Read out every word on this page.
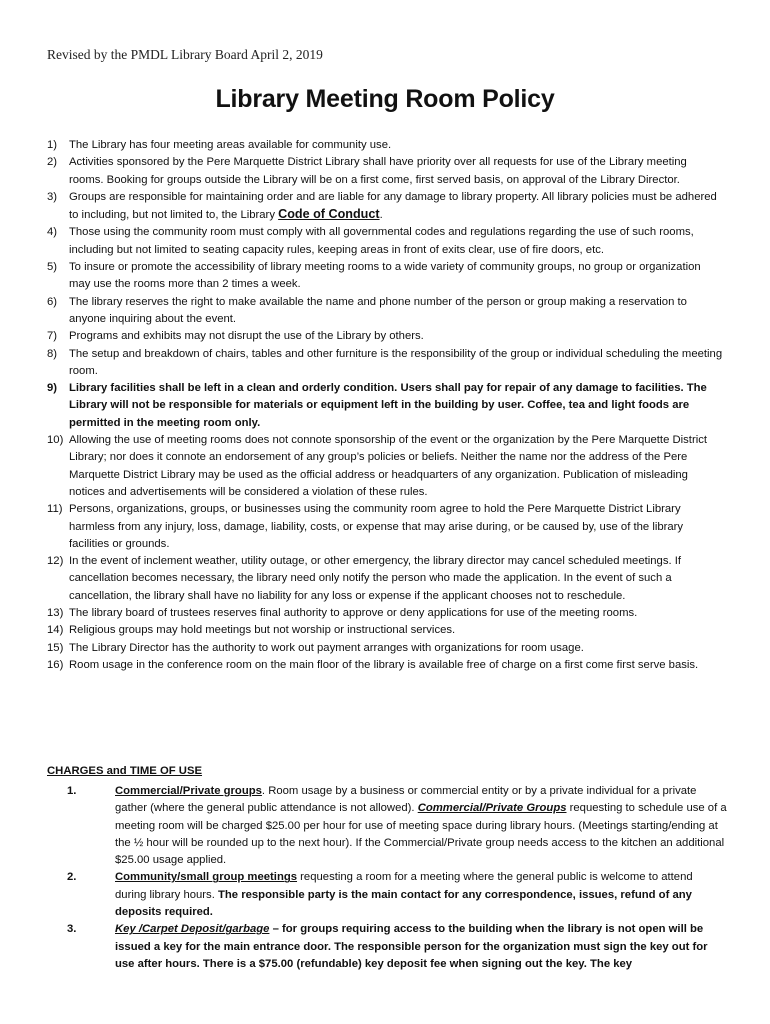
Revised by the PMDL Library Board April 2, 2019
Library Meeting Room Policy
1) The Library has four meeting areas available for community use.
2) Activities sponsored by the Pere Marquette District Library shall have priority over all requests for use of the Library meeting rooms. Booking for groups outside the Library will be on a first come, first served basis, on approval of the Library Director.
3) Groups are responsible for maintaining order and are liable for any damage to library property. All library policies must be adhered to including, but not limited to, the Library Code of Conduct.
4) Those using the community room must comply with all governmental codes and regulations regarding the use of such rooms, including but not limited to seating capacity rules, keeping areas in front of exits clear, use of fire doors, etc.
5) To insure or promote the accessibility of library meeting rooms to a wide variety of community groups, no group or organization may use the rooms more than 2 times a week.
6) The library reserves the right to make available the name and phone number of the person or group making a reservation to anyone inquiring about the event.
7) Programs and exhibits may not disrupt the use of the Library by others.
8) The setup and breakdown of chairs, tables and other furniture is the responsibility of the group or individual scheduling the meeting room.
9) Library facilities shall be left in a clean and orderly condition. Users shall pay for repair of any damage to facilities. The Library will not be responsible for materials or equipment left in the building by user. Coffee, tea and light foods are permitted in the meeting room only.
10) Allowing the use of meeting rooms does not connote sponsorship of the event or the organization by the Pere Marquette District Library; nor does it connote an endorsement of any group’s policies or beliefs. Neither the name nor the address of the Pere Marquette District Library may be used as the official address or headquarters of any organization. Publication of misleading notices and advertisements will be considered a violation of these rules.
11) Persons, organizations, groups, or businesses using the community room agree to hold the Pere Marquette District Library harmless from any injury, loss, damage, liability, costs, or expense that may arise during, or be caused by, use of the library facilities or grounds.
12) In the event of inclement weather, utility outage, or other emergency, the library director may cancel scheduled meetings. If cancellation becomes necessary, the library need only notify the person who made the application. In the event of such a cancellation, the library shall have no liability for any loss or expense if the applicant chooses not to reschedule.
13) The library board of trustees reserves final authority to approve or deny applications for use of the meeting rooms.
14) Religious groups may hold meetings but not worship or instructional services.
15) The Library Director has the authority to work out payment arranges with organizations for room usage.
16) Room usage in the conference room on the main floor of the library is available free of charge on a first come first serve basis.
CHARGES and TIME OF USE
1.	Commercial/Private groups. Room usage by a business or commercial entity or by a private individual for a private gather (where the general public attendance is not allowed). Commercial/Private Groups requesting to schedule use of a meeting room will be charged $25.00 per hour for use of meeting space during library hours. (Meetings starting/ending at the ½ hour will be rounded up to the next hour). If the Commercial/Private group needs access to the kitchen an additional $25.00 usage applied.
2.	Community/small group meetings requesting a room for a meeting where the general public is welcome to attend during library hours. The responsible party is the main contact for any correspondence, issues, refund of any deposits required.
3.	Key /Carpet Deposit/garbage – for groups requiring access to the building when the library is not open will be issued a key for the main entrance door. The responsible person for the organization must sign the key out for use after hours. There is a $75.00 (refundable) key deposit fee when signing out the key. The key
